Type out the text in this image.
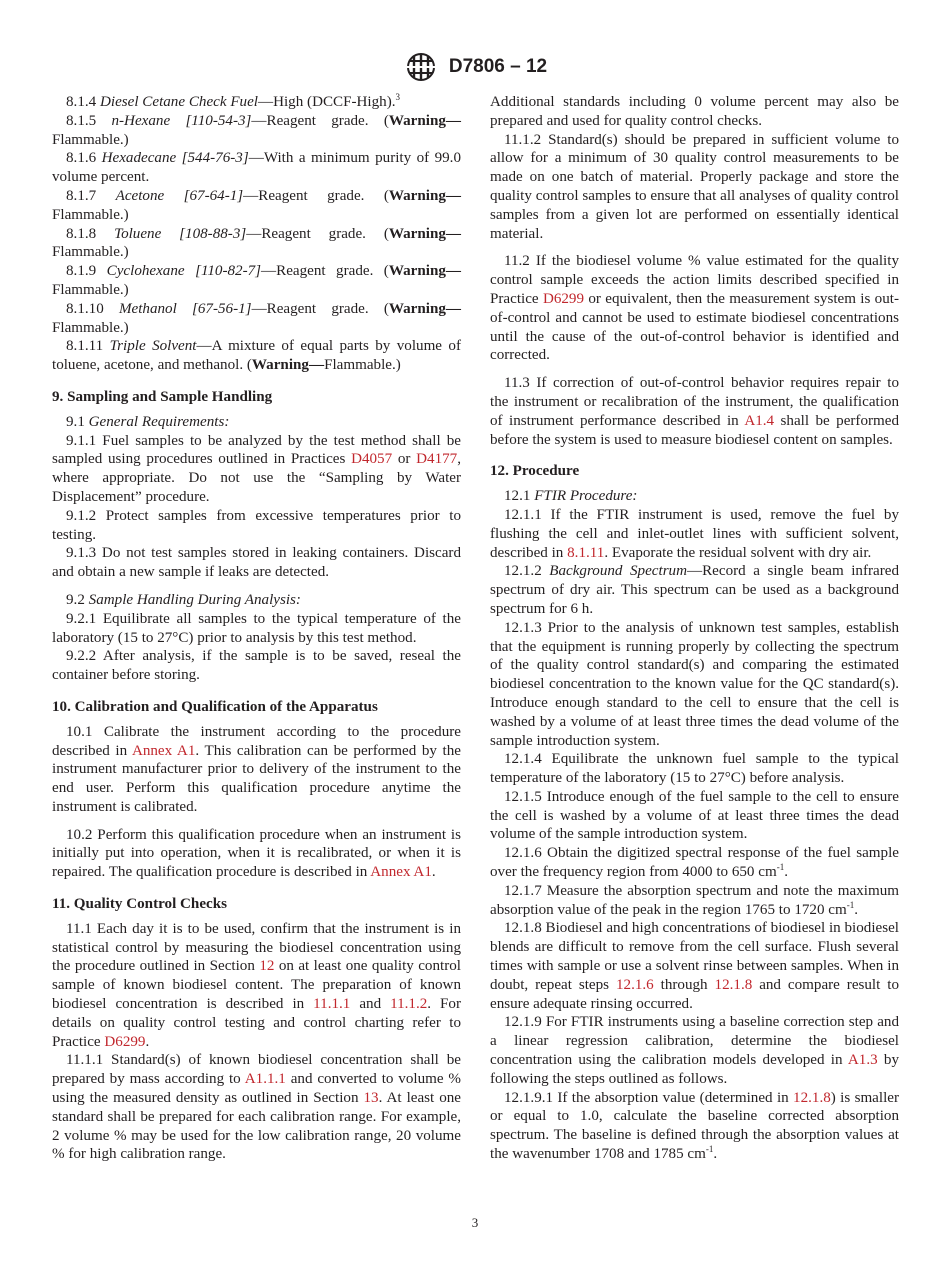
D7806 – 12

8.1.4 Diesel Cetane Check Fuel—High (DCCF-High).$^3$

8.1.5 n-Hexane [110-54-3]—Reagent grade. (Warning—Flammable.)

8.1.6 Hexadecane [544-76-3]—With a minimum purity of 99.0 volume percent.

8.1.7 Acetone [67-64-1]—Reagent grade. (Warning—Flammable.)

8.1.8 Toluene [108-88-3]—Reagent grade. (Warning—Flammable.)

8.1.9 Cyclohexane [110-82-7]—Reagent grade. (Warning—Flammable.)

8.1.10 Methanol [67-56-1]—Reagent grade. (Warning—Flammable.)

8.1.11 Triple Solvent—A mixture of equal parts by volume of toluene, acetone, and methanol. (Warning—Flammable.)

9. Sampling and Sample Handling

9.1 General Requirements:

9.1.1 Fuel samples to be analyzed by the test method shall be sampled using procedures outlined in Practices D4057 or D4177, where appropriate. Do not use the “Sampling by Water Displacement” procedure.

9.1.2 Protect samples from excessive temperatures prior to testing.

9.1.3 Do not test samples stored in leaking containers. Discard and obtain a new sample if leaks are detected.

9.2 Sample Handling During Analysis:

9.2.1 Equilibrate all samples to the typical temperature of the laboratory (15 to 27°C) prior to analysis by this test method.

9.2.2 After analysis, if the sample is to be saved, reseal the container before storing.

10. Calibration and Qualification of the Apparatus

10.1 Calibrate the instrument according to the procedure described in Annex A1. This calibration can be performed by the instrument manufacturer prior to delivery of the instrument to the end user. Perform this qualification procedure anytime the instrument is calibrated.

10.2 Perform this qualification procedure when an instrument is initially put into operation, when it is recalibrated, or when it is repaired. The qualification procedure is described in Annex A1.

11. Quality Control Checks

11.1 Each day it is to be used, confirm that the instrument is in statistical control by measuring the biodiesel concentration using the procedure outlined in Section 12 on at least one quality control sample of known biodiesel content. The preparation of known biodiesel concentration is described in 11.1.1 and 11.1.2. For details on quality control testing and control charting refer to Practice D6299.

11.1.1 Standard(s) of known biodiesel concentration shall be prepared by mass according to A1.1.1 and converted to volume % using the measured density as outlined in Section 13. At least one standard shall be prepared for each calibration range. For example, 2 volume % may be used for the low calibration range, 20 volume % for high calibration range.

Additional standards including 0 volume percent may also be prepared and used for quality control checks.

11.1.2 Standard(s) should be prepared in sufficient volume to allow for a minimum of 30 quality control measurements to be made on one batch of material. Properly package and store the quality control samples to ensure that all analyses of quality control samples from a given lot are performed on essentially identical material.

11.2 If the biodiesel volume % value estimated for the quality control sample exceeds the action limits described specified in Practice D6299 or equivalent, then the measurement system is out-of-control and cannot be used to estimate biodiesel concentrations until the cause of the out-of-control behavior is identified and corrected.

11.3 If correction of out-of-control behavior requires repair to the instrument or recalibration of the instrument, the qualification of instrument performance described in A1.4 shall be performed before the system is used to measure biodiesel content on samples.

12. Procedure

12.1 FTIR Procedure:

12.1.1 If the FTIR instrument is used, remove the fuel by flushing the cell and inlet-outlet lines with sufficient solvent, described in 8.1.11. Evaporate the residual solvent with dry air.

12.1.2 Background Spectrum—Record a single beam infrared spectrum of dry air. This spectrum can be used as a background spectrum for 6 h.

12.1.3 Prior to the analysis of unknown test samples, establish that the equipment is running properly by collecting the spectrum of the quality control standard(s) and comparing the estimated biodiesel concentration to the known value for the QC standard(s). Introduce enough standard to the cell to ensure that the cell is washed by a volume of at least three times the dead volume of the sample introduction system.

12.1.4 Equilibrate the unknown fuel sample to the typical temperature of the laboratory (15 to 27°C) before analysis.

12.1.5 Introduce enough of the fuel sample to the cell to ensure the cell is washed by a volume of at least three times the dead volume of the sample introduction system.

12.1.6 Obtain the digitized spectral response of the fuel sample over the frequency region from 4000 to 650 $cm^{-1}$.

12.1.7 Measure the absorption spectrum and note the maximum absorption value of the peak in the region 1765 to 1720 $cm^{-1}$.

12.1.8 Biodiesel and high concentrations of biodiesel in biodiesel blends are difficult to remove from the cell surface. Flush several times with sample or use a solvent rinse between samples. When in doubt, repeat steps 12.1.6 through 12.1.8 and compare result to ensure adequate rinsing occurred.

12.1.9 For FTIR instruments using a baseline correction step and a linear regression calibration, determine the biodiesel concentration using the calibration models developed in A1.3 by following the steps outlined as follows.

12.1.9.1 If the absorption value (determined in 12.1.8) is smaller or equal to 1.0, calculate the baseline corrected absorption spectrum. The baseline is defined through the absorption values at the wavenumber 1708 and 1785 $cm^{-1}$.

3
